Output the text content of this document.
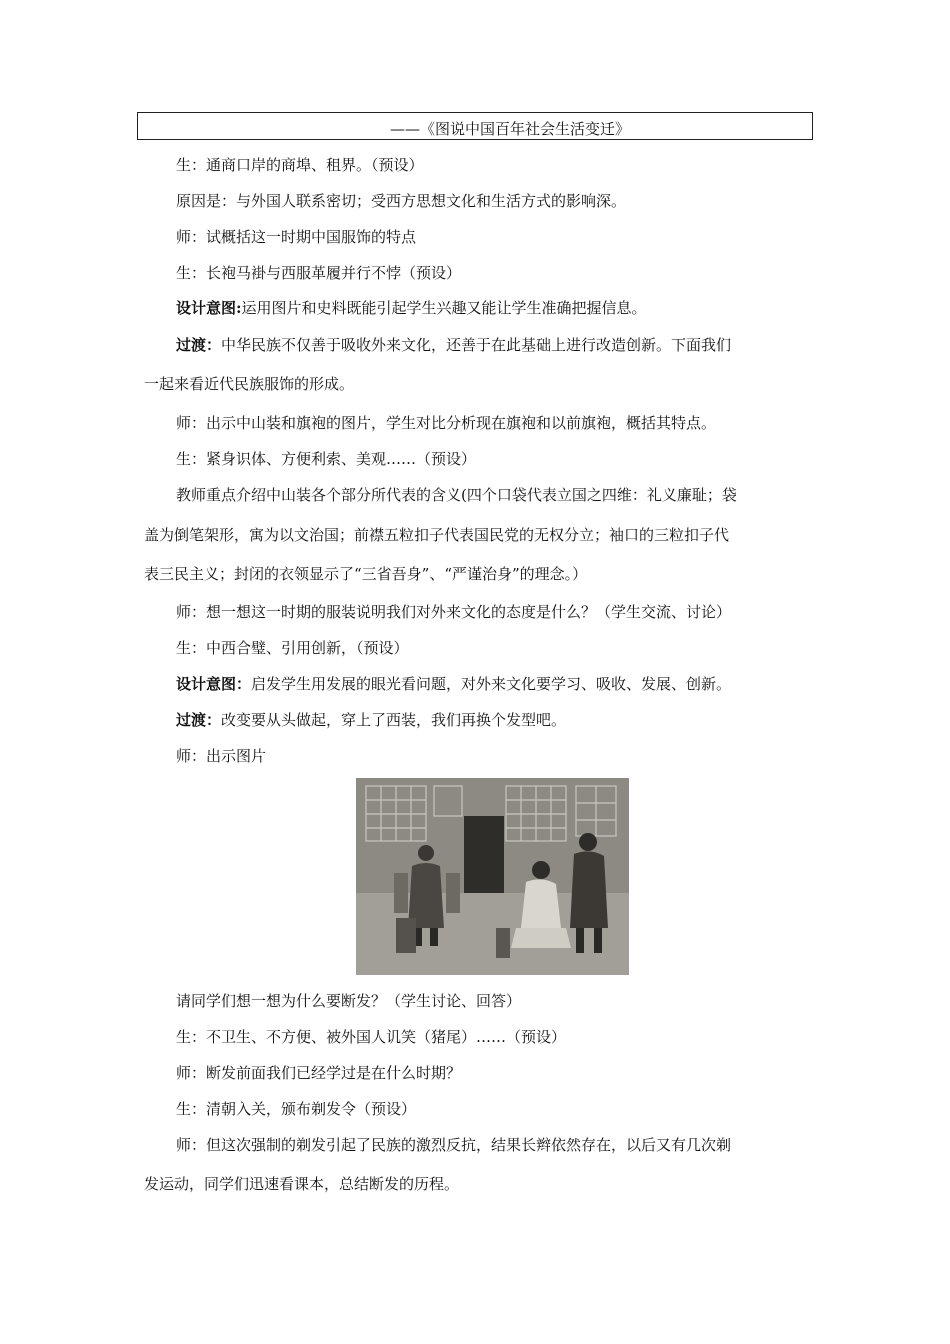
——《图说中国百年社会生活变迁》
生：通商口岸的商埠、租界。（预设）
原因是：与外国人联系密切；受西方思想文化和生活方式的影响深。
师：试概括这一时期中国服饰的特点
生：长袍马褂与西服革履并行不悖（预设）
设计意图:运用图片和史料既能引起学生兴趣又能让学生准确把握信息。
过渡：中华民族不仅善于吸收外来文化，还善于在此基础上进行改造创新。下面我们
一起来看近代民族服饰的形成。
师：出示中山装和旗袍的图片，学生对比分析现在旗袍和以前旗袍，概括其特点。
生：紧身识体、方便利索、美观……（预设）
教师重点介绍中山装各个部分所代表的含义(四个口袋代表立国之四维：礼义廉耻；袋
盖为倒笔架形，寓为以文治国；前襟五粒扣子代表国民党的无权分立；袖口的三粒扣子代
表三民主义；封闭的衣领显示了“三省吾身”、“严谨治身”的理念。）
师：想一想这一时期的服装说明我们对外来文化的态度是什么？（学生交流、讨论）
生：中西合璧、引用创新，（预设）
设计意图：启发学生用发展的眼光看问题，对外来文化要学习、吸收、发展、创新。
过渡：改变要从头做起，穿上了西装，我们再换个发型吧。
师：出示图片
请同学们想一想为什么要断发？（学生讨论、回答）
生：不卫生、不方便、被外国人讥笑（猪尾）……（预设）
师：断发前面我们已经学过是在什么时期？
生：清朝入关，颁布剃发令（预设）
师：但这次强制的剃发引起了民族的激烈反抗，结果长辫依然存在，以后又有几次剃
发运动，同学们迅速看课本，总结断发的历程。
